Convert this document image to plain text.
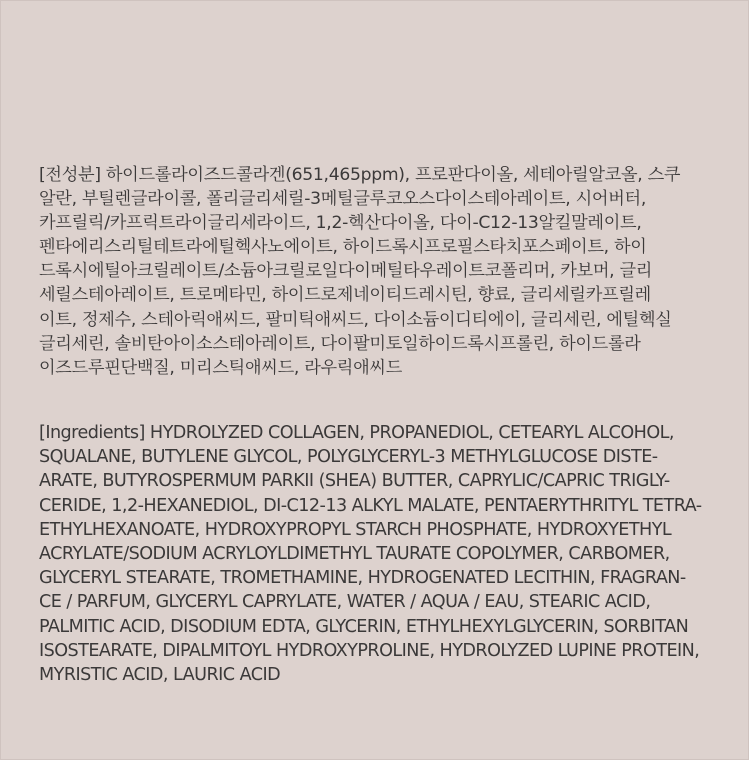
[전성분] 하이드롤라이즈드콜라겐(651,465ppm), 프로판다이올, 세테아릴알코올, 스쿠
알란, 부틸렌글라이콜, 폴리글리세릴-3메틸글루코오스다이스테아레이트, 시어버터,
카프릴릭/카프릭트라이글리세라이드, 1,2-헥산다이올, 다이-C12-13알킬말레이트,
펜타에리스리틸테트라에틸헥사노에이트, 하이드록시프로필스타치포스페이트, 하이
드록시에틸아크릴레이트/소듐아크릴로일다이메틸타우레이트코폴리머, 카보머, 글리
세릴스테아레이트, 트로메타민, 하이드로제네이티드레시틴, 향료, 글리세릴카프릴레
이트, 정제수, 스테아릭애씨드, 팔미틱애씨드, 다이소듐이디티에이, 글리세린, 에틸헥실
글리세린, 솔비탄아이소스테아레이트, 다이팔미토일하이드록시프롤린, 하이드롤라
이즈드루핀단백질, 미리스틱애씨드, 라우릭애씨드
[Ingredients] HYDROLYZED COLLAGEN, PROPANEDIOL, CETEARYL ALCOHOL,
SQUALANE, BUTYLENE GLYCOL, POLYGLYCERYL-3 METHYLGLUCOSE DISTE-
ARATE, BUTYROSPERMUM PARKII (SHEA) BUTTER, CAPRYLIC/CAPRIC TRIGLY-
CERIDE, 1,2-HEXANEDIOL, DI-C12-13 ALKYL MALATE, PENTAERYTHRITYL TETRA-
ETHYLHEXANOATE, HYDROXYPROPYL STARCH PHOSPHATE, HYDROXYETHYL
ACRYLATE/SODIUM ACRYLOYLDIMETHYL TAURATE COPOLYMER, CARBOMER,
GLYCERYL STEARATE, TROMETHAMINE, HYDROGENATED LECITHIN, FRAGRAN-
CE / PARFUM, GLYCERYL CAPRYLATE, WATER / AQUA / EAU, STEARIC ACID,
PALMITIC ACID, DISODIUM EDTA, GLYCERIN, ETHYLHEXYLGLYCERIN, SORBITAN
ISOSTEARATE, DIPALMITOYL HYDROXYPROLINE, HYDROLYZED LUPINE PROTEIN,
MYRISTIC ACID, LAURIC ACID
